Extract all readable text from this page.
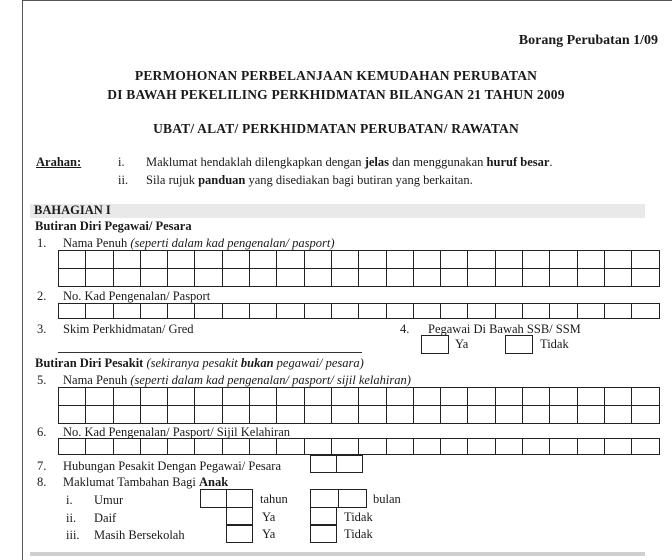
Borang Perubatan 1/09
PERMOHONAN PERBELANJAAN KEMUDAHAN PERUBATAN
DI BAWAH PEKELILING PERKHIDMATAN BILANGAN 21 TAHUN 2009
UBAT/ ALAT/ PERKHIDMATAN PERUBATAN/ RAWATAN
Arahan:	i. Maklumat hendaklah dilengkapkan dengan jelas dan menggunakan huruf besar.
ii. Sila rujuk panduan yang disediakan bagi butiran yang berkaitan.
BAHAGIAN I
Butiran Diri Pegawai/ Pesara
1. Nama Penuh (seperti dalam kad pengenalan/ pasport)
2. No. Kad Pengenalan/ Pasport
3. Skim Perkhidmatan/ Gred	4. Pegawai Di Bawah SSB/ SSM
Ya	Tidak
Butiran Diri Pesakit (sekiranya pesakit bukan pegawai/ pesara)
5. Nama Penuh (seperti dalam kad pengenalan/ pasport/ sijil kelahiran)
6. No. Kad Pengenalan/ Pasport/ Sijil Kelahiran
7. Hubungan Pesakit Dengan Pegawai/ Pesara
8. Maklumat Tambahan Bagi Anak
i. Umur	tahun	bulan
ii. Daif	Ya	Tidak
iii. Masih Bersekolah	Ya	Tidak
